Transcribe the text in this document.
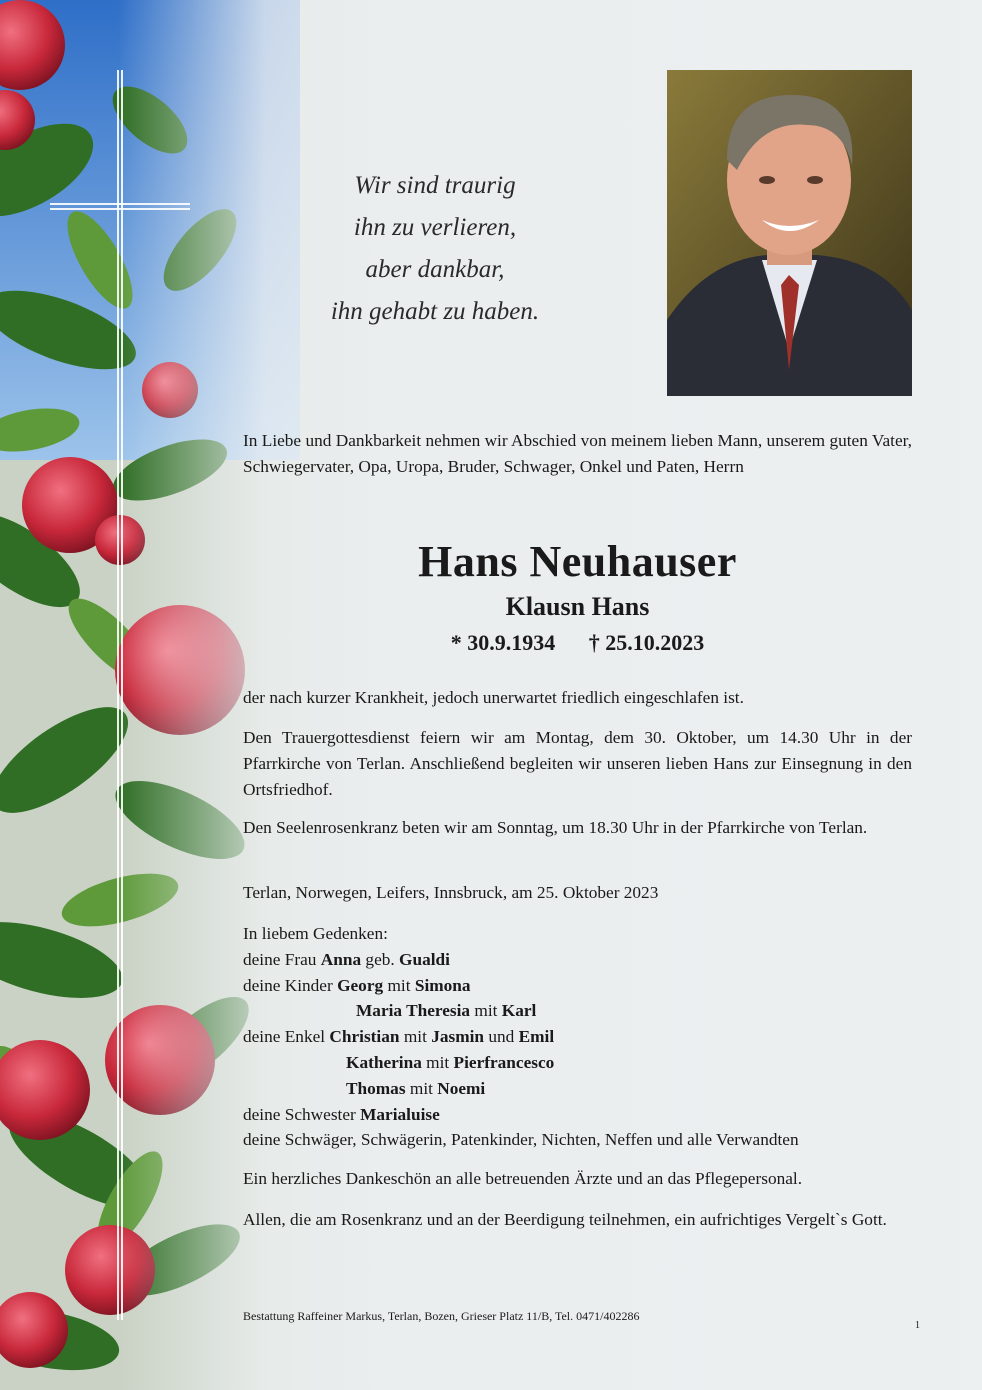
Wir sind traurig
ihn zu verlieren,
aber dankbar,
ihn gehabt zu haben.
In Liebe und Dankbarkeit nehmen wir Abschied von meinem lieben Mann, unserem guten Vater, Schwiegervater, Opa, Uropa, Bruder, Schwager, Onkel und Paten, Herrn
Hans Neuhauser
Klausn Hans
* 30.9.1934 † 25.10.2023
der nach kurzer Krankheit, jedoch unerwartet friedlich eingeschlafen ist.
Den Trauergottesdienst feiern wir am Montag, dem 30. Oktober, um 14.30 Uhr in der Pfarrkirche von Terlan. Anschließend begleiten wir unseren lieben Hans zur Einsegnung in den Ortsfriedhof.
Den Seelenrosenkranz beten wir am Sonntag, um 18.30 Uhr in der Pfarrkirche von Terlan.
Terlan, Norwegen, Leifers, Innsbruck, am 25. Oktober 2023
In liebem Gedenken:
deine Frau Anna geb. Gualdi
deine Kinder Georg mit Simona
Maria Theresia mit Karl
deine Enkel Christian mit Jasmin und Emil
Katherina mit Pierfrancesco
Thomas mit Noemi
deine Schwester Marialuise
deine Schwäger, Schwägerin, Patenkinder, Nichten, Neffen und alle Verwandten
Ein herzliches Dankeschön an alle betreuenden Ärzte und an das Pflegepersonal.
Allen, die am Rosenkranz und an der Beerdigung teilnehmen, ein aufrichtiges Vergelt`s Gott.
Bestattung Raffeiner Markus, Terlan, Bozen, Grieser Platz 11/B, Tel. 0471/402286
1
